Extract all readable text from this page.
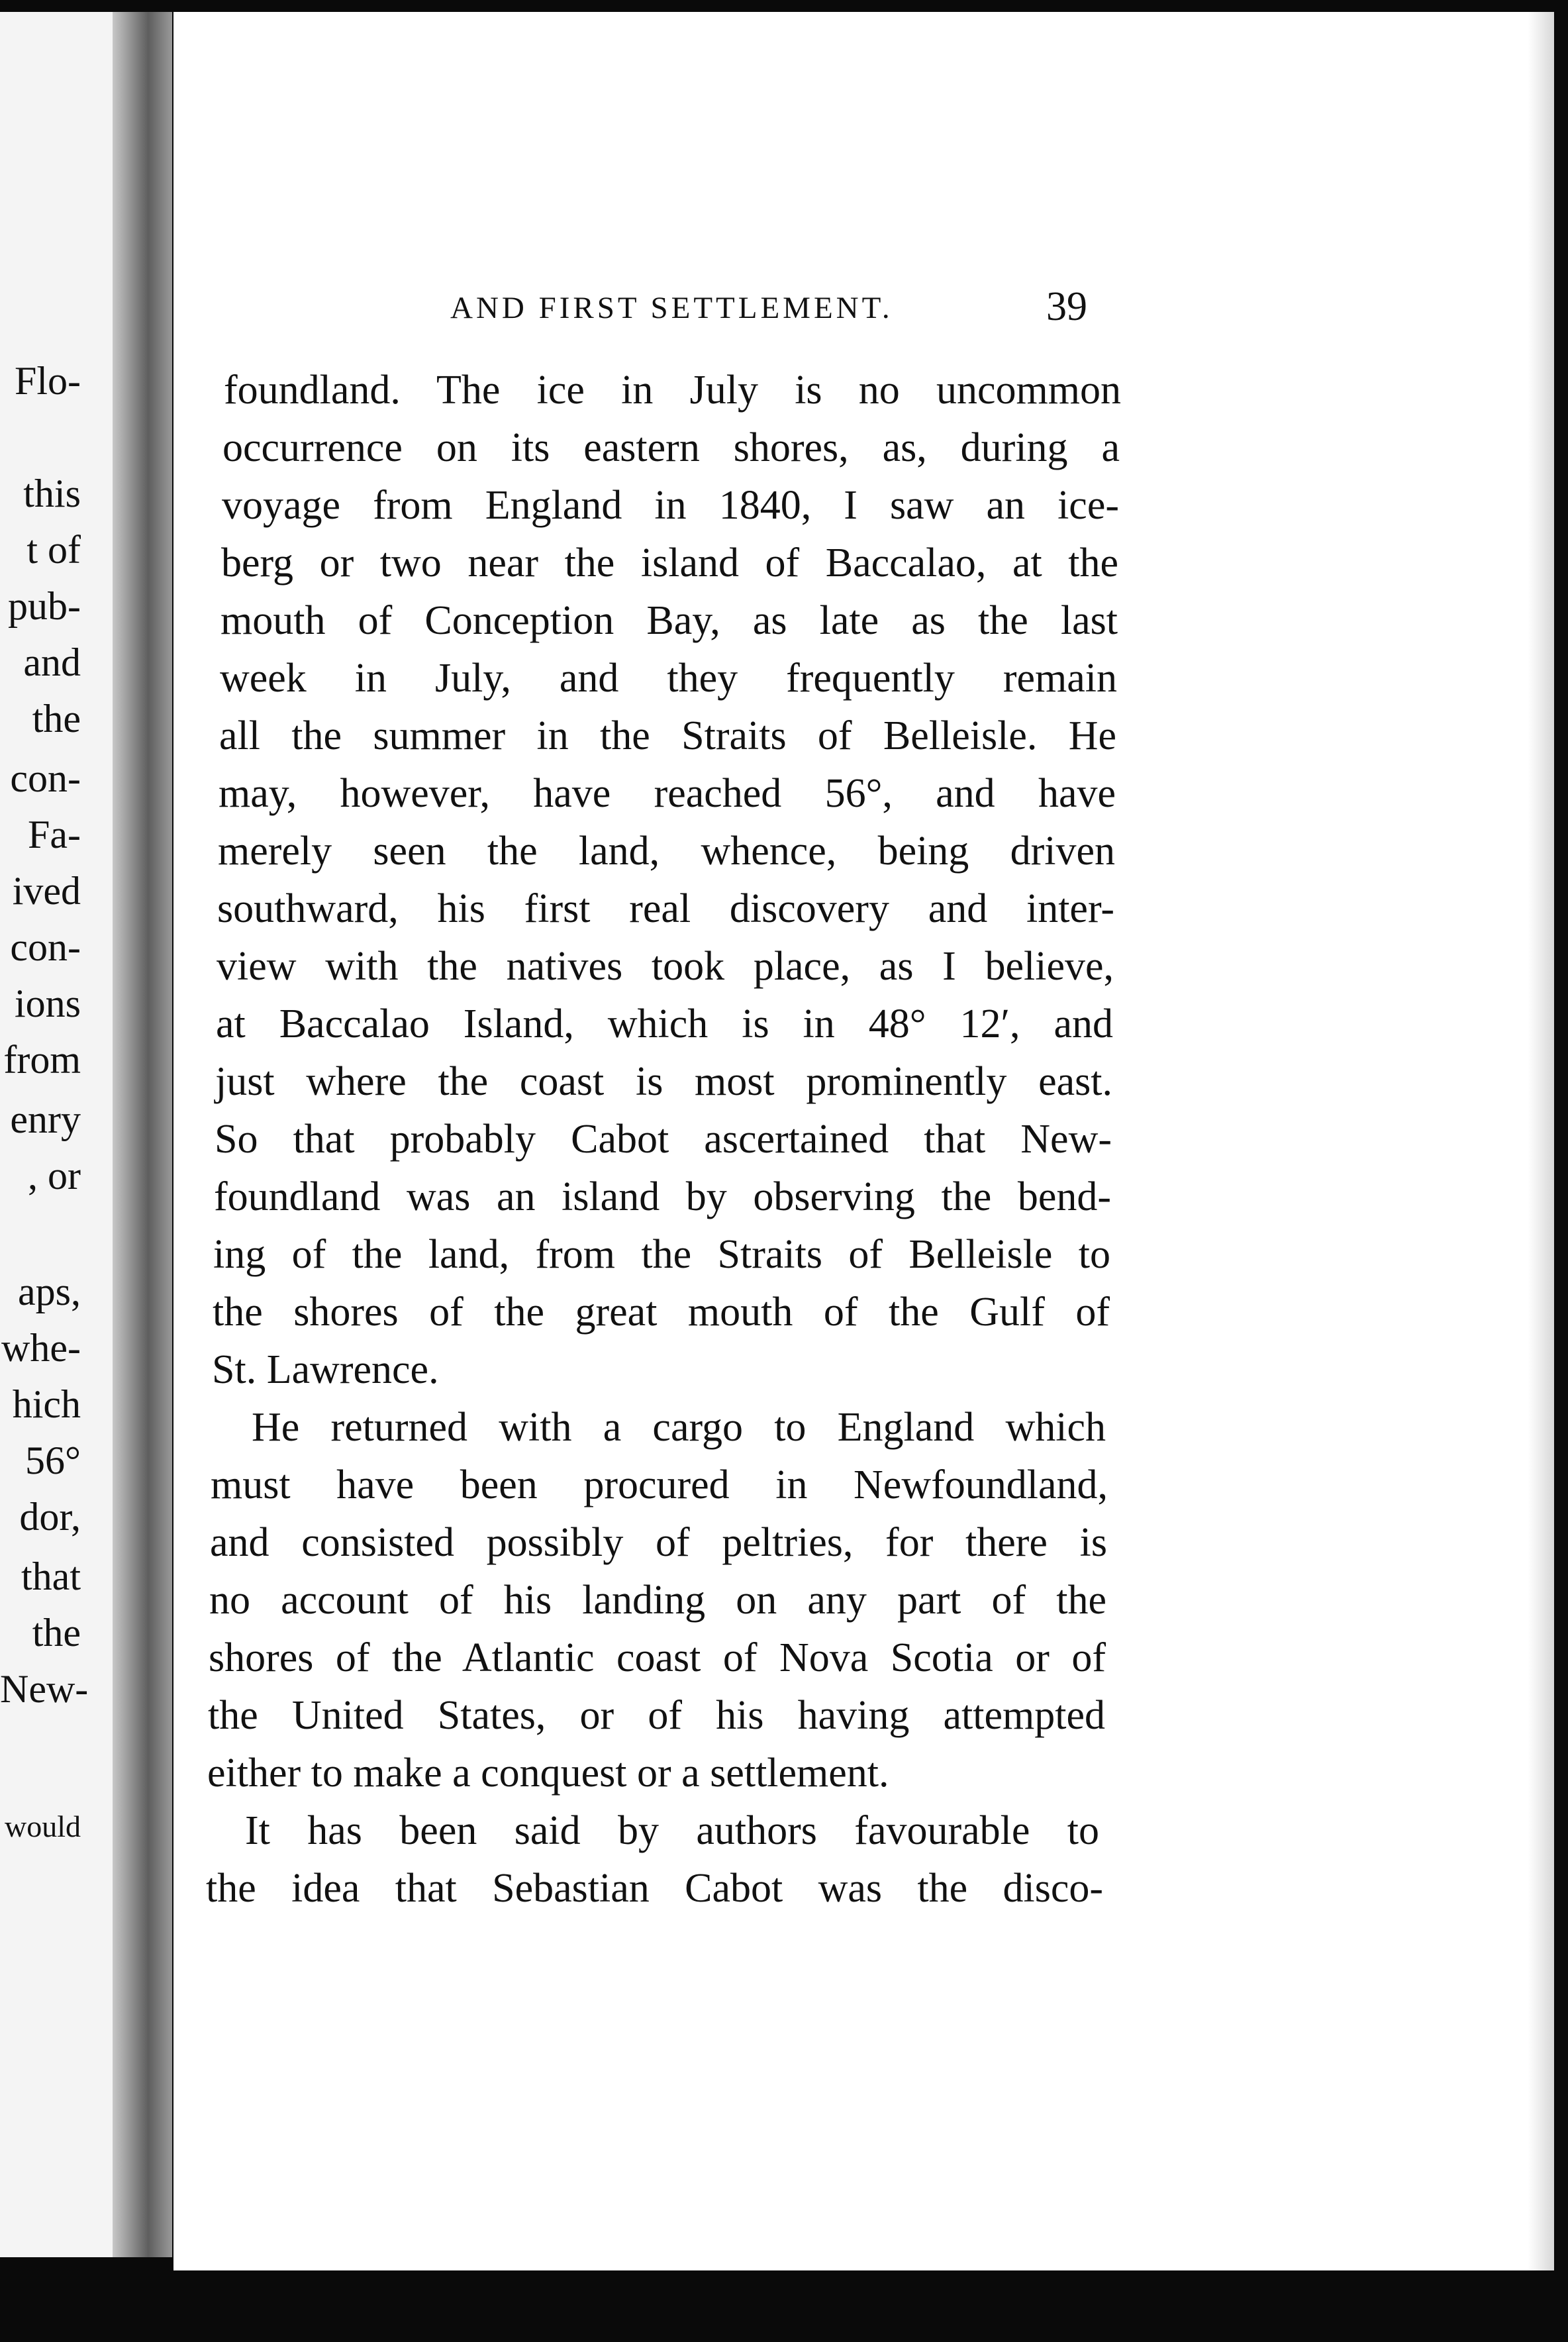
Flo-
this
t of
pub-
and
the
con-
Fa-
ived
con-
ions
from
enry
, or
aps,
whe-
hich
56°
dor,
that
the
New-
would
AND FIRST SETTLEMENT.	39
foundland. The ice in July is no uncommon
occurrence on its eastern shores, as, during a
voyage from England in 1840, I saw an ice-
berg or two near the island of Baccalao, at the
mouth of Conception Bay, as late as the last
week in July, and they frequently remain
all the summer in the Straits of Belleisle. He
may, however, have reached 56°, and have
merely seen the land, whence, being driven
southward, his first real discovery and inter-
view with the natives took place, as I believe,
at Baccalao Island, which is in 48° 12′, and
just where the coast is most prominently east.
So that probably Cabot ascertained that New-
foundland was an island by observing the bend-
ing of the land, from the Straits of Belleisle to
the shores of the great mouth of the Gulf of
St. Lawrence.
He returned with a cargo to England which
must have been procured in Newfoundland,
and consisted possibly of peltries, for there is
no account of his landing on any part of the
shores of the Atlantic coast of Nova Scotia or of
the United States, or of his having attempted
either to make a conquest or a settlement.
It has been said by authors favourable to
the idea that Sebastian Cabot was the disco-
